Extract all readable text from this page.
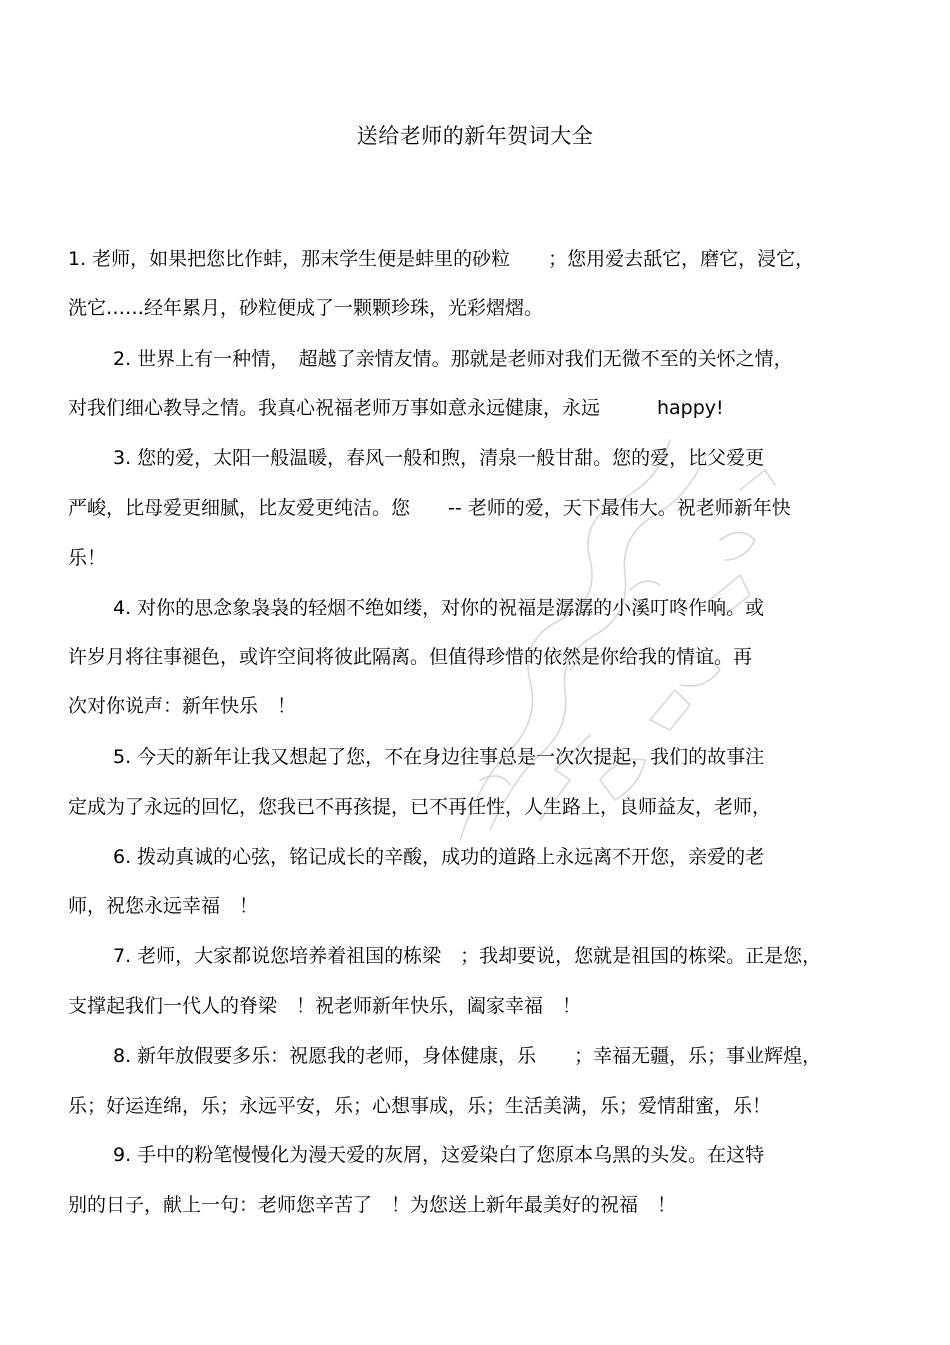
送给老师的新年贺词大全
1. 老师，如果把您比作蚌，那末学生便是蚌里的砂粒　　；您用爱去舐它，磨它，浸它，
洗它……经年累月，砂粒便成了一颗颗珍珠，光彩熠熠。
2. 世界上有一种情，　超越了亲情友情。那就是老师对我们无微不至的关怀之情，
对我们细心教导之情。我真心祝福老师万事如意永远健康，永远　　　happy!
3. 您的爱，太阳一般温暖，春风一般和煦，清泉一般甘甜。您的爱，比父爱更
严峻，比母爱更细腻，比友爱更纯洁。您　　-- 老师的爱，天下最伟大。祝老师新年快
乐！
4. 对你的思念象袅袅的轻烟不绝如缕，对你的祝福是潺潺的小溪叮咚作响。或
许岁月将往事褪色，或许空间将彼此隔离。但值得珍惜的依然是你给我的情谊。再
次对你说声：新年快乐　！
5. 今天的新年让我又想起了您，不在身边往事总是一次次提起，我们的故事注
定成为了永远的回忆，您我已不再孩提，已不再任性，人生路上，良师益友，老师，
6. 拨动真诚的心弦，铭记成长的辛酸，成功的道路上永远离不开您，亲爱的老
师，祝您永远幸福　！
7. 老师，大家都说您培养着祖国的栋梁　；我却要说，您就是祖国的栋梁。正是您，
支撑起我们一代人的脊梁　！祝老师新年快乐，阖家幸福　！
8. 新年放假要多乐：祝愿我的老师，身体健康，乐　　；幸福无疆，乐；事业辉煌，
乐；好运连绵，乐；永远平安，乐；心想事成，乐；生活美满，乐；爱情甜蜜，乐！
9. 手中的粉笔慢慢化为漫天爱的灰屑，这爱染白了您原本乌黑的头发。在这特
别的日子，献上一句：老师您辛苦了　！为您送上新年最美好的祝福　！
